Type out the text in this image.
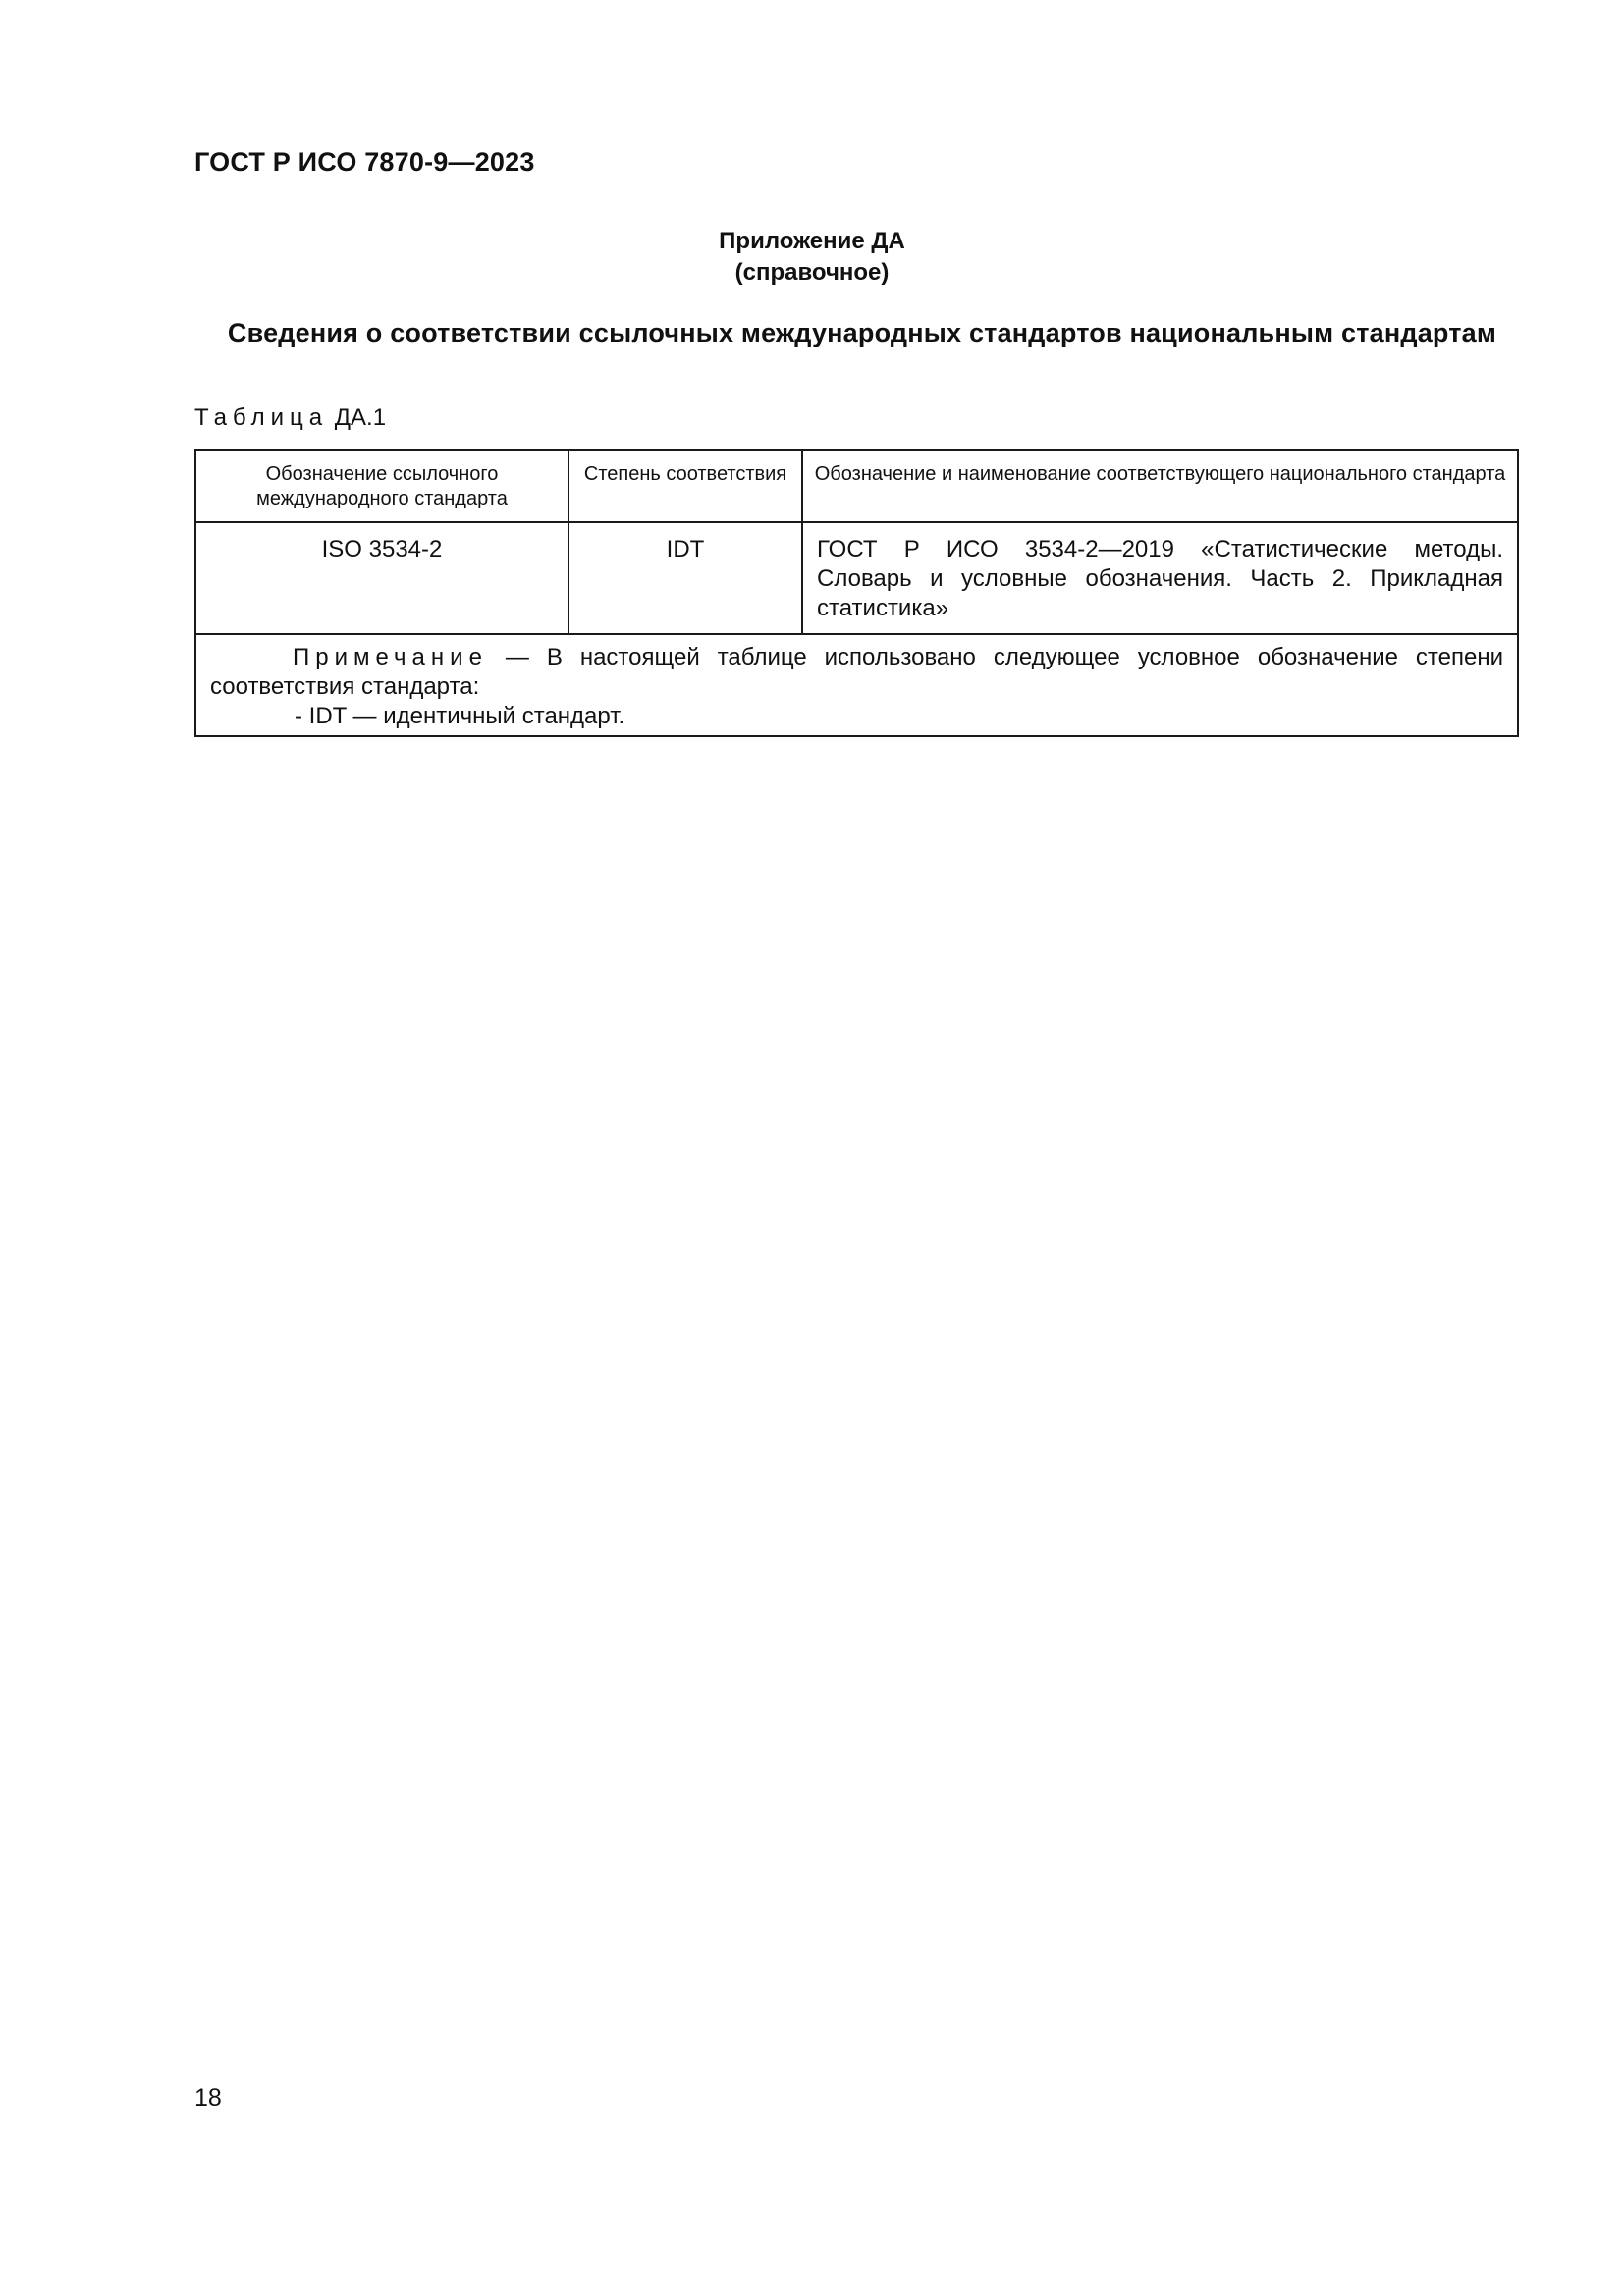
ГОСТ Р ИСО 7870-9—2023
Приложение ДА
(справочное)
Сведения о соответствии ссылочных международных стандартов национальным стандартам
Таблица ДА.1
Обозначение ссылочного международного стандарта	Степень соответствия	Обозначение и наименование соответствующего национального стандарта
ISO 3534-2	IDT	ГОСТ Р ИСО 3534-2—2019 «Статистические методы. Словарь и условные обозначения. Часть 2. Прикладная статистика»

Примечание — В настоящей таблице использовано следующее условное обозначение степени соответствия стандарта:
- IDT — идентичный стандарт.		
18
